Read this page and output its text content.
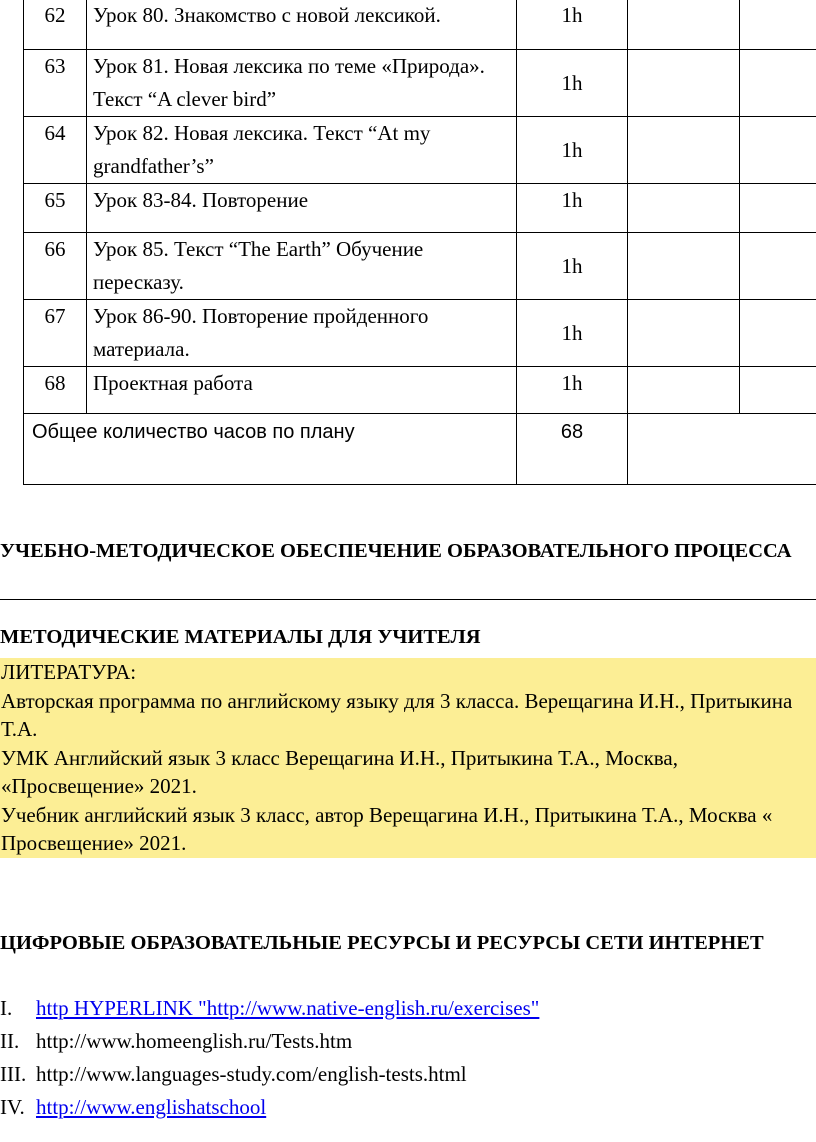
62	Урок 80. Знакомство с новой лексикой.	1h		
63	Урок 81. Новая лексика по теме «Природа». Текст “A clever bird”	1h		
64	Урок 82. Новая лексика. Текст “At my grandfather’s”	1h		
65	Урок 83-84. Повторение	1h		
66	Урок 85. Текст “The Earth” Обучение пересказу.	1h		
67	Урок 86-90. Повторение пройденного материала.	1h		
68	Проектная работа	1h		
Общее количество часов по плану		68		

УЧЕБНО-МЕТОДИЧЕСКОЕ ОБЕСПЕЧЕНИЕ ОБРАЗОВАТЕЛЬНОГО ПРОЦЕССА

МЕТОДИЧЕСКИЕ МАТЕРИАЛЫ ДЛЯ УЧИТЕЛЯ

ЛИТЕРАТУРА:

Авторская программа по английскому языку для 3 класса. Верещагина И.Н., Притыкина Т.А.

УМК Английский язык 3 класс Верещагина И.Н., Притыкина Т.А., Москва, «Просвещение» 2021.

Учебник английский язык 3 класс, автор Верещагина И.Н., Притыкина Т.А., Москва « Просвещение» 2021.

ЦИФРОВЫЕ ОБРАЗОВАТЕЛЬНЫЕ РЕСУРСЫ И РЕСУРСЫ СЕТИ ИНТЕРНЕТ

I. http HYPERLINK "http://www.native-english.ru/exercises"
II. http://www.homeenglish.ru/Tests.htm
III. http://www.languages-study.com/english-tests.html
IV. http://www.englishatschool
